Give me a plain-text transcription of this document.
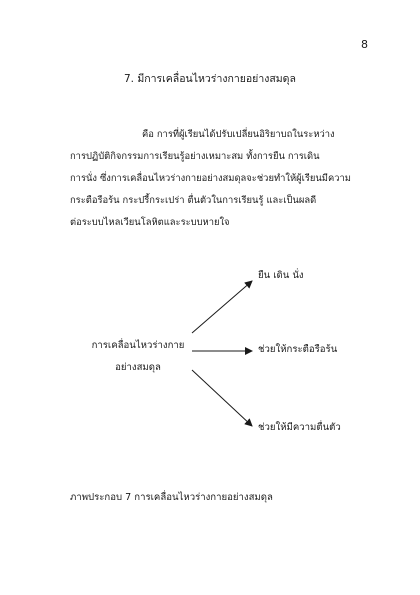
8
7. มีการเคลื่อนไหวร่างกายอย่างสมดุล
คือ การที่ผู้เรียนได้ปรับเปลี่ยนอิริยาบถในระหว่าง
การปฏิบัติกิจกรรมการเรียนรู้อย่างเหมาะสม ทั้งการยืน การเดิน
การนั่ง ซึ่งการเคลื่อนไหวร่างกายอย่างสมดุลจะช่วยทำให้ผู้เรียนมีความ
กระตือรือร้น กระปรี้กระเปร่า ตื่นตัวในการเรียนรู้ และเป็นผลดี
ต่อระบบไหลเวียนโลหิตและระบบหายใจ
การเคลื่อนไหวร่างกาย
อย่างสมดุล
ยืน เดิน นั่ง
ช่วยให้กระตือรือร้น
ช่วยให้มีความตื่นตัว
ภาพประกอบ 7 การเคลื่อนไหวร่างกายอย่างสมดุล
